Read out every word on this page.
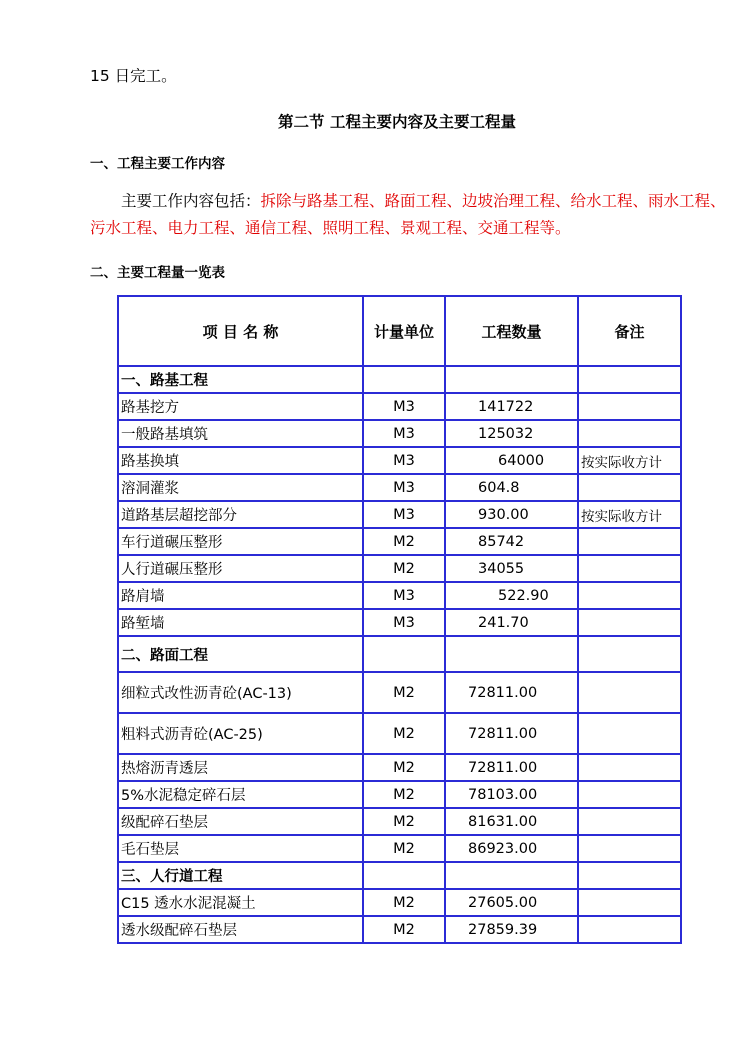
15 日完工。
第二节 工程主要内容及主要工程量
一、工程主要工作内容
主要工作内容包括：拆除与路基工程、路面工程、边坡治理工程、给水工程、雨水工程、污水工程、电力工程、通信工程、照明工程、景观工程、交通工程等。
二、主要工程量一览表
项 目 名 称	计量单位	工程数量	备注
一、路基工程			
路基挖方	M3	141722	
一般路基填筑	M3	125032	
路基换填	M3	64000	按实际收方计
溶洞灌浆	M3	604.8	
道路基层超挖部分	M3	930.00	按实际收方计
车行道碾压整形	M2	85742	
人行道碾压整形	M2	34055	
路肩墙	M3	522.90	
路堑墙	M3	241.70	
二、路面工程			
细粒式改性沥青砼(AC-13)	M2	72811.00	
粗料式沥青砼(AC-25)	M2	72811.00	
热熔沥青透层	M2	72811.00	
5%水泥稳定碎石层	M2	78103.00	
级配碎石垫层	M2	81631.00	
毛石垫层	M2	86923.00	
三、人行道工程			
C15 透水水泥混凝土	M2	27605.00	
透水级配碎石垫层	M2	27859.39	
